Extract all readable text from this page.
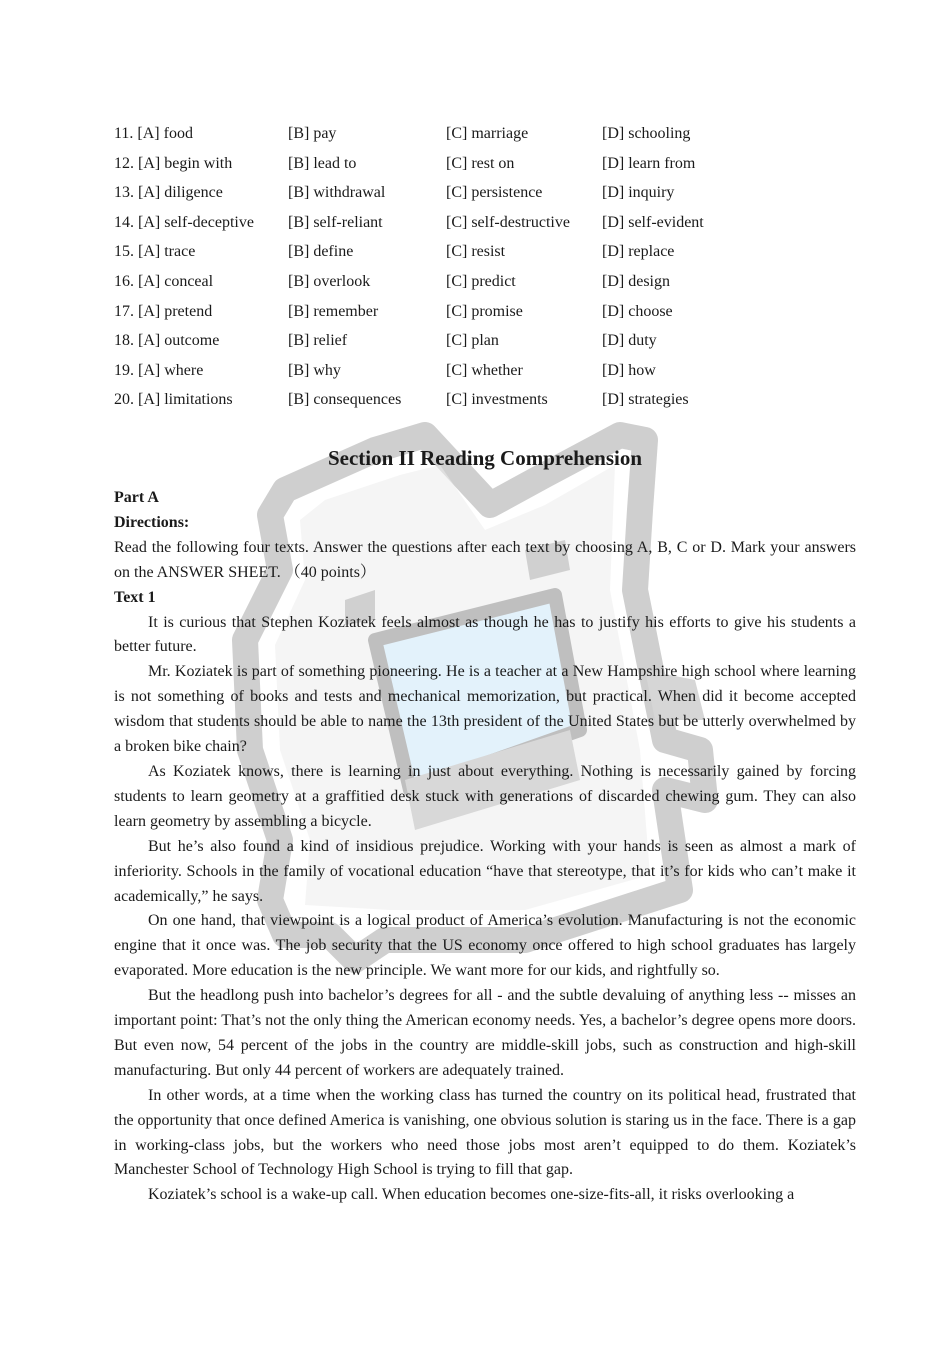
11. [A] food	[B] pay	[C] marriage	[D] schooling
12. [A] begin with	[B] lead to	[C] rest on	[D] learn from
13. [A] diligence	[B] withdrawal	[C] persistence	[D] inquiry
14. [A] self-deceptive	[B] self-reliant	[C] self-destructive	[D] self-evident
15. [A] trace	[B] define	[C] resist	[D] replace
16. [A] conceal	[B] overlook	[C] predict	[D] design
17. [A] pretend	[B] remember	[C] promise	[D] choose
18. [A] outcome	[B] relief	[C] plan	[D] duty
19. [A] where	[B] why	[C] whether	[D] how
20. [A] limitations	[B] consequences	[C] investments	[D] strategies
Section II Reading Comprehension

Part A

Directions:

Read the following four texts. Answer the questions after each text by choosing A, B, C or D. Mark your answers on the ANSWER SHEET. （40 points）

Text 1

It is curious that Stephen Koziatek feels almost as though he has to justify his efforts to give his students a better future.

Mr. Koziatek is part of something pioneering. He is a teacher at a New Hampshire high school where learning is not something of books and tests and mechanical memorization, but practical. When did it become accepted wisdom that students should be able to name the 13th president of the United States but be utterly overwhelmed by a broken bike chain?

As Koziatek knows, there is learning in just about everything. Nothing is necessarily gained by forcing students to learn geometry at a graffitied desk stuck with generations of discarded chewing gum. They can also learn geometry by assembling a bicycle.

But he’s also found a kind of insidious prejudice. Working with your hands is seen as almost a mark of inferiority. Schools in the family of vocational education “have that stereotype, that it’s for kids who can’t make it academically,” he says.

On one hand, that viewpoint is a logical product of America’s evolution. Manufacturing is not the economic engine that it once was. The job security that the US economy once offered to high school graduates has largely evaporated. More education is the new principle. We want more for our kids, and rightfully so.

But the headlong push into bachelor’s degrees for all - and the subtle devaluing of anything less -- misses an important point: That’s not the only thing the American economy needs. Yes, a bachelor’s degree opens more doors. But even now, 54 percent of the jobs in the country are middle-skill jobs, such as construction and high-skill manufacturing. But only 44 percent of workers are adequately trained.

In other words, at a time when the working class has turned the country on its political head, frustrated that the opportunity that once defined America is vanishing, one obvious solution is staring us in the face. There is a gap in working-class jobs, but the workers who need those jobs most aren’t equipped to do them. Koziatek’s Manchester School of Technology High School is trying to fill that gap.

Koziatek’s school is a wake-up call. When education becomes one-size-fits-all, it risks overlooking a
